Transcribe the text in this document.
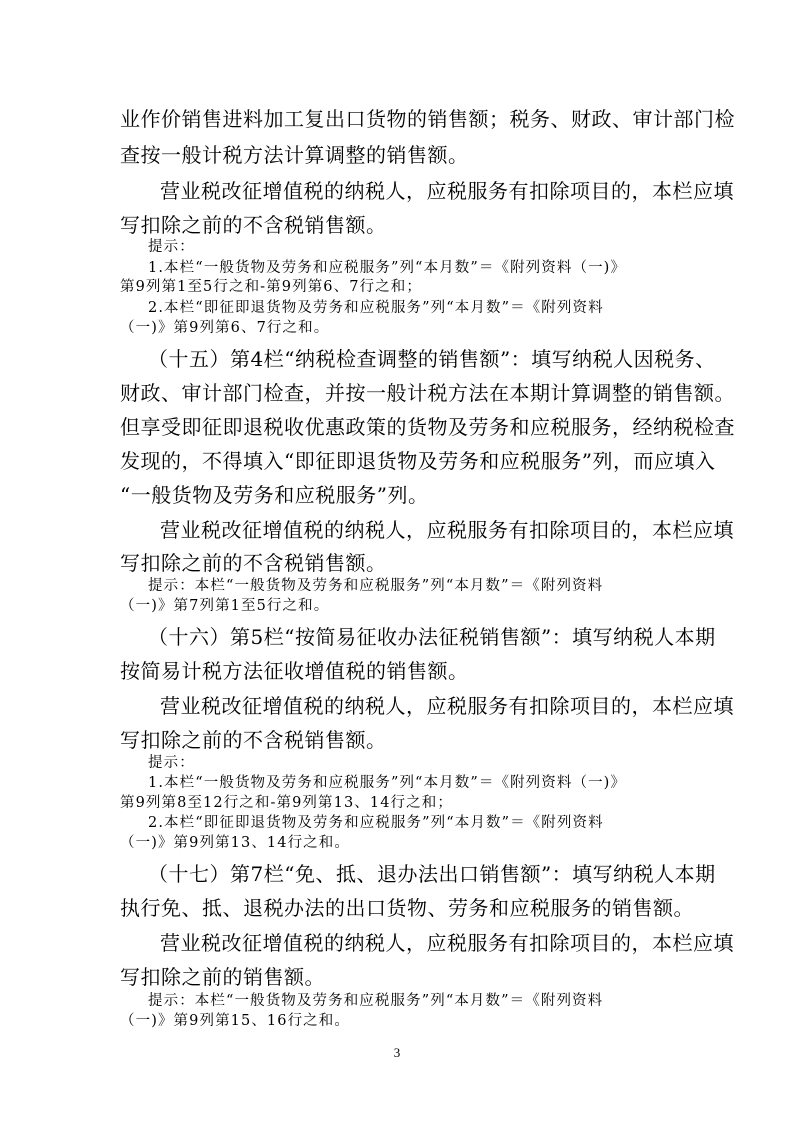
业作价销售进料加工复出口货物的销售额；税务、财政、审计部门检

查按一般计税方法计算调整的销售额。

营业税改征增值税的纳税人，应税服务有扣除项目的，本栏应填

写扣除之前的不含税销售额。

提示：

1.本栏“一般货物及劳务和应税服务”列“本月数”＝《附列资料（一)》

第9列第1至5行之和-第9列第6、7行之和；

2.本栏“即征即退货物及劳务和应税服务”列“本月数”＝《附列资料

（一)》第9列第6、7行之和。

（十五）第4栏“纳税检查调整的销售额”：填写纳税人因税务、

财政、审计部门检查，并按一般计税方法在本期计算调整的销售额。

但享受即征即退税收优惠政策的货物及劳务和应税服务，经纳税检查

发现的，不得填入“即征即退货物及劳务和应税服务”列，而应填入

“一般货物及劳务和应税服务”列。

营业税改征增值税的纳税人，应税服务有扣除项目的，本栏应填

写扣除之前的不含税销售额。

提示：本栏“一般货物及劳务和应税服务”列“本月数”＝《附列资料

（一)》第7列第1至5行之和。

（十六）第5栏“按简易征收办法征税销售额”：填写纳税人本期

按简易计税方法征收增值税的销售额。

营业税改征增值税的纳税人，应税服务有扣除项目的，本栏应填

写扣除之前的不含税销售额。

提示：

1.本栏“一般货物及劳务和应税服务”列“本月数”＝《附列资料（一)》

第9列第8至12行之和-第9列第13、14行之和；

2.本栏“即征即退货物及劳务和应税服务”列“本月数”＝《附列资料

（一)》第9列第13、14行之和。

（十七）第7栏“免、抵、退办法出口销售额”：填写纳税人本期

执行免、抵、退税办法的出口货物、劳务和应税服务的销售额。

营业税改征增值税的纳税人，应税服务有扣除项目的，本栏应填

写扣除之前的销售额。

提示：本栏“一般货物及劳务和应税服务”列“本月数”＝《附列资料

（一)》第9列第15、16行之和。

3
